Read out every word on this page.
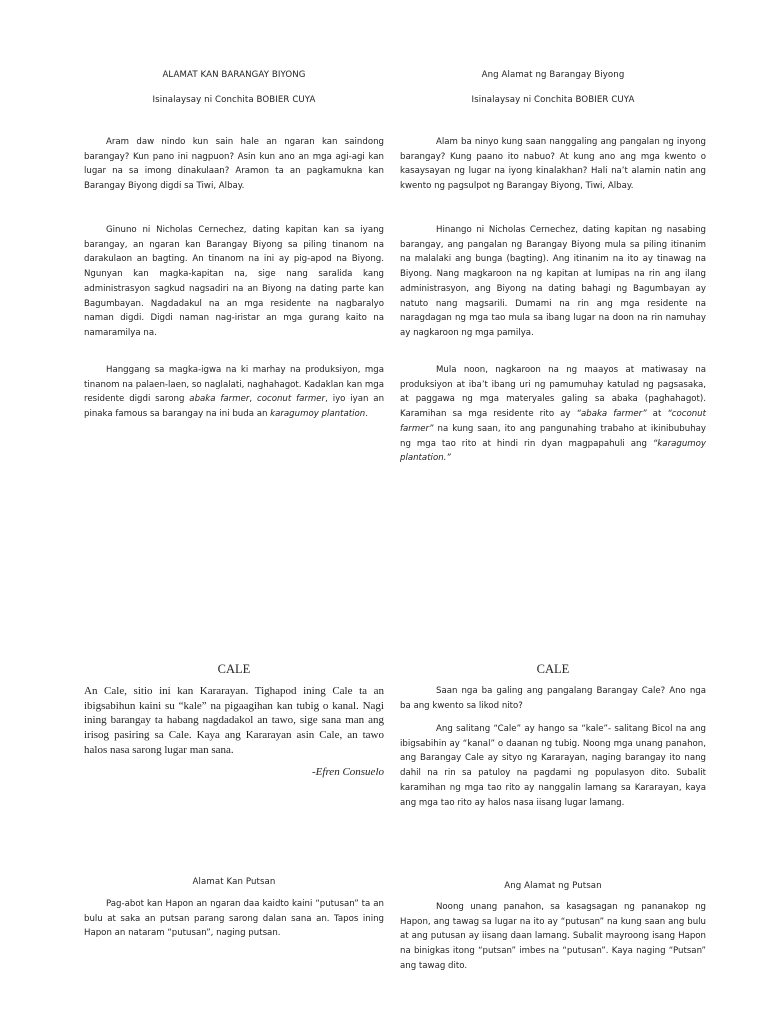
ALAMAT KAN BARANGAY BIYONG
Isinalaysay ni Conchita BOBIER CUYA

Aram daw nindo kun sain hale an ngaran kan saindong barangay? Kun pano ini nagpuon? Asin kun ano an mga agi-agi kan lugar na sa imong dinakulaan? Aramon ta an pagkamukna kan Barangay Biyong digdi sa Tiwi, Albay.

Ginuno ni Nicholas Cernechez, dating kapitan kan sa iyang barangay, an ngaran kan Barangay Biyong sa piling tinanom na darakulaon an bagting. An tinanom na ini ay pig-apod na Biyong. Ngunyan kan magka-kapitan na, sige nang saralida kang administrasyon sagkud nagsadiri na an Biyong na dating parte kan Bagumbayan. Nagdadakul na an mga residente na nagbaralyo naman digdi. Digdi naman nag-iristar an mga gurang kaito na namaramilya na.

Hanggang sa magka-igwa na ki marhay na produksiyon, mga tinanom na palaen-laen, so naglalati, naghahagot. Kadaklan kan mga residente digdi sarong abaka farmer, coconut farmer, iyo iyan an pinaka famous sa barangay na ini buda an karagumoy plantation.

CALE

An Cale, sitio ini kan Kararayan. Tighapod ining Cale ta an ibigsabihun kaini su “kale” na pigaagihan kan tubig o kanal. Nagi ining barangay ta habang nagdadakol an tawo, sige sana man ang irisog pasiring sa Cale. Kaya ang Kararayan asin Cale, an tawo halos nasa sarong lugar man sana.

-Efren Consuelo
Alamat Kan Putsan

Pag-abot kan Hapon an ngaran daa kaidto kaini “putusan” ta an bulu at saka an putsan parang sarong dalan sana an. Tapos ining Hapon an nataram “putusan”, naging putsan.

Ang Alamat ng Barangay Biyong
Isinalaysay ni Conchita BOBIER CUYA

Alam ba ninyo kung saan nanggaling ang pangalan ng inyong barangay? Kung paano ito nabuo? At kung ano ang mga kwento o kasaysayan ng lugar na iyong kinalakhan? Hali na’t alamin natin ang kwento ng pagsulpot ng Barangay Biyong, Tiwi, Albay.

Hinango ni Nicholas Cernechez, dating kapitan ng nasabing barangay, ang pangalan ng Barangay Biyong mula sa piling itinanim na malalaki ang bunga (bagting). Ang itinanim na ito ay tinawag na Biyong. Nang magkaroon na ng kapitan at lumipas na rin ang ilang administrasyon, ang Biyong na dating bahagi ng Bagumbayan ay natuto nang magsarili. Dumami na rin ang mga residente na naragdagan ng mga tao mula sa ibang lugar na doon na rin namuhay ay nagkaroon ng mga pamilya.

Mula noon, nagkaroon na ng maayos at matiwasay na produksiyon at iba’t ibang uri ng pamumuhay katulad ng pagsasaka, at paggawa ng mga materyales galing sa abaka (paghahagot). Karamihan sa mga residente rito ay “abaka farmer” at “coconut farmer” na kung saan, ito ang pangunahing trabaho at ikinibubuhay ng mga tao rito at hindi rin dyan magpapahuli ang “karagumoy plantation.”

CALE

Saan nga ba galing ang pangalang Barangay Cale? Ano nga ba ang kwento sa likod nito?

Ang salitang “Cale” ay hango sa “kale”- salitang Bicol na ang ibigsabihin ay “kanal” o daanan ng tubig. Noong mga unang panahon, ang Barangay Cale ay sityo ng Kararayan, naging barangay ito nang dahil na rin sa patuloy na pagdami ng populasyon dito. Subalit karamihan ng mga tao rito ay nanggalin lamang sa Kararayan, kaya ang mga tao rito ay halos nasa iisang lugar lamang.

Ang Alamat ng Putsan

Noong unang panahon, sa kasagsagan ng pananakop ng Hapon, ang tawag sa lugar na ito ay “putusan” na kung saan ang bulu at ang putusan ay iisang daan lamang. Subalit mayroong isang Hapon na binigkas itong “putsan” imbes na “putusan”. Kaya naging “Putsan” ang tawag dito.
